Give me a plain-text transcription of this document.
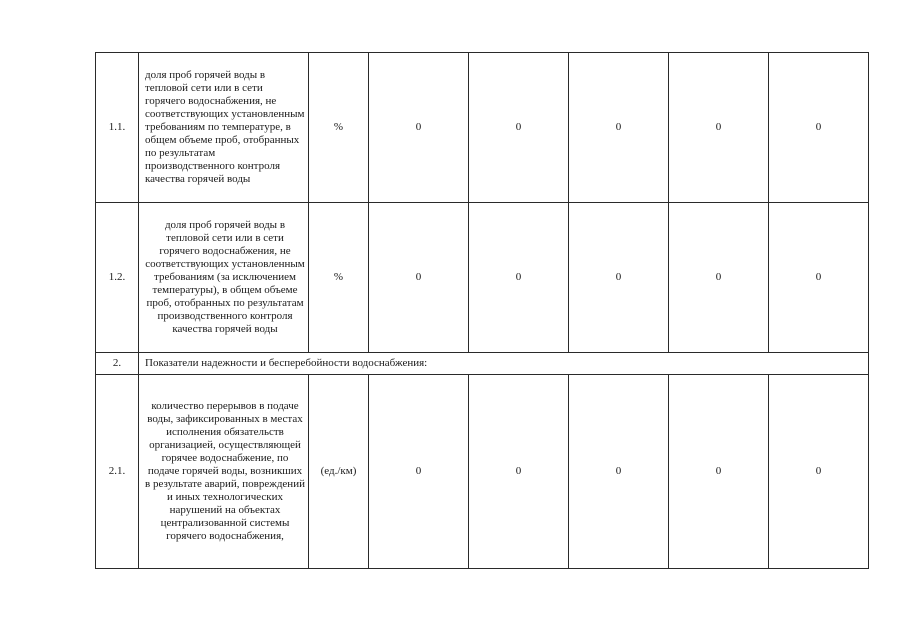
1.1.	доля проб горячей воды в тепловой сети или в сети горячего водоснабжения, не соответствующих установленным требованиям по температуре, в общем объеме проб, отобранных по результатам производственного контроля качества горячей воды	%	0	0	0	0	0
1.2.	доля проб горячей воды в тепловой сети или в сети горячего водоснабжения, не соответствующих установленным требованиям (за исключением температуры), в общем объеме проб, отобранных по результатам производственного контроля качества горячей воды	%	0	0	0	0	0
2.	Показатели надежности и бесперебойности водоснабжения:						
2.1.	количество перерывов в подаче воды, зафиксированных в местах исполнения обязательств организацией, осуществляющей горячее водоснабжение, по подаче горячей воды, возникших в результате аварий, повреждений и иных технологических нарушений на объектах централизованной системы горячего водоснабжения,	(ед./км)	0	0	0	0	0
